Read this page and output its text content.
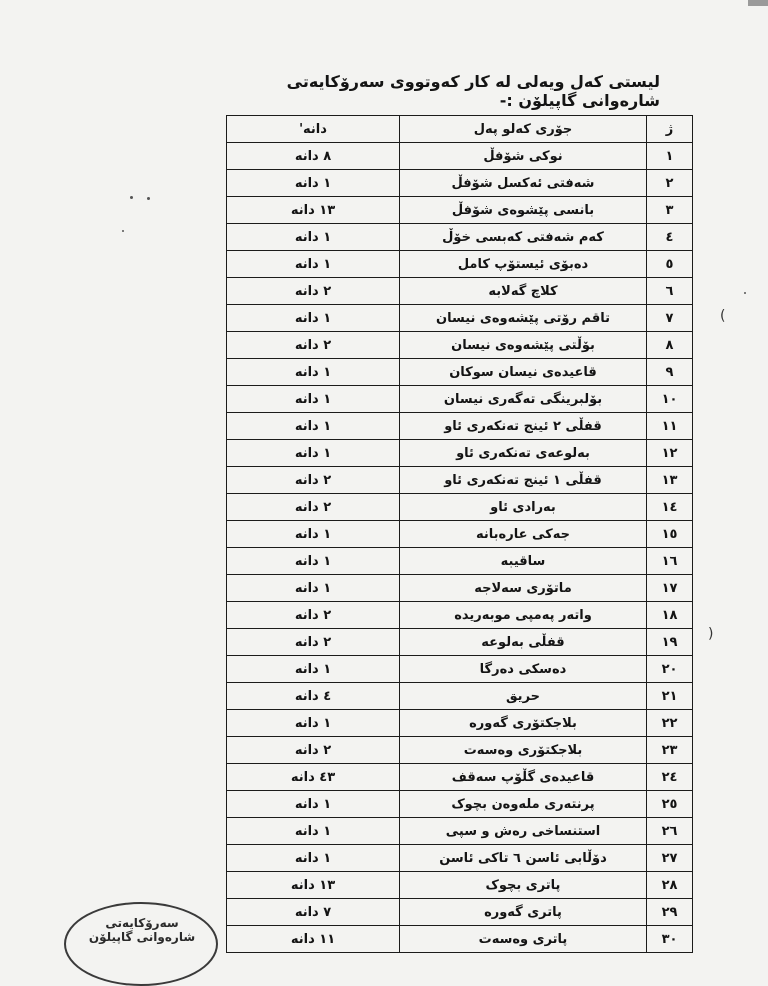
لیستی کەل ویەلی لە کار کەوتووی سەرۆکایەتی شارەوانی گاپیلۆن :-
ژ	جۆری کەلو پەل	دانە'
١	نوکی شۆفڵ	٨ دانە
٢	شەفتی ئەکسل شۆفڵ	١ دانە
٣	بانسی پێشوەی شۆفڵ	١٣ دانە
٤	کەم شەفتی کەبسی خۆڵ	١ دانە
٥	دەبۆی ئیستۆپ کامل	١ دانە
٦	کلاچ گەلابە	٢ دانە
٧	تاقم رۆتی پێشەوەی نیسان	١ دانە
٨	بۆڵتی پێشەوەی نیسان	٢ دانە
٩	قاعیدەی نیسان سوکان	١ دانە
١٠	بۆلبرینگی تەگەری نیسان	١ دانە
١١	قفڵی ٢ ئینج تەنکەری ئاو	١ دانە
١٢	بەلوعەی تەنکەری ئاو	١ دانە
١٣	قفڵی ١ ئینج تەنکەری ئاو	٢ دانە
١٤	بەرادی ئاو	٢ دانە
١٥	جەکی عارەبانە	١ دانە
١٦	ساقیبە	١ دانە
١٧	ماتۆری سەلاجە	١ دانە
١٨	واتەر پەمپی موبەریدە	٢ دانە
١٩	قفڵی بەلوعە	٢ دانە
٢٠	دەسکی دەرگا	١ دانە
٢١	حریق	٤ دانە
٢٢	بلاجکتۆری گەورە	١ دانە
٢٣	بلاجکتۆری وەسەت	٢ دانە
٢٤	قاعیدەی گڵۆپ سەقف	٤٣ دانە
٢٥	پرنتەری ملەوەن بچوک	١ دانە
٢٦	استنساخی رەش و سپی	١ دانە
٢٧	دۆڵابی ئاسن ٦ تاکی ئاسن	١ دانە
٢٨	پاتری بچوک	١٣ دانە
٢٩	پاتری گەورە	٧ دانە
٣٠	پاتری وەسەت	١١ دانە
(
)
سەرۆکایەتی شارەوانی گاپیلۆن
